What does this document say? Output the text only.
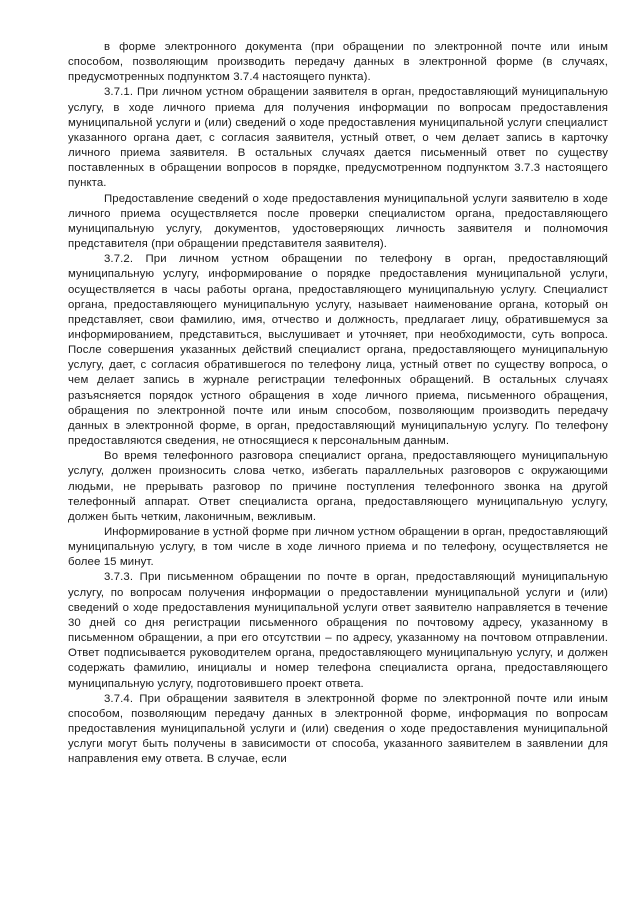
в форме электронного документа (при обращении по электронной почте или иным способом, позволяющим производить передачу данных в электронной форме (в случаях, предусмотренных подпунктом 3.7.4 настоящего пункта).

3.7.1. При личном устном обращении заявителя в орган, предоставляющий муниципальную услугу, в ходе личного приема для получения информации по вопросам предоставления муниципальной услуги и (или) сведений о ходе предоставления муниципальной услуги специалист указанного органа дает, с согласия заявителя, устный ответ, о чем делает запись в карточку личного приема заявителя. В остальных случаях дается письменный ответ по существу поставленных в обращении вопросов в порядке, предусмотренном подпунктом 3.7.3 настоящего пункта.

Предоставление сведений о ходе предоставления муниципальной услуги заявителю в ходе личного приема осуществляется после проверки специалистом органа, предоставляющего муниципальную услугу, документов, удостоверяющих личность заявителя и полномочия представителя (при обращении представителя заявителя).

3.7.2. При личном устном обращении по телефону в орган, предоставляющий муниципальную услугу, информирование о порядке предоставления муниципальной услуги, осуществляется в часы работы органа, предоставляющего муниципальную услугу. Специалист органа, предоставляющего муниципальную услугу, называет наименование органа, который он представляет, свои фамилию, имя, отчество и должность, предлагает лицу, обратившемуся за информированием, представиться, выслушивает и уточняет, при необходимости, суть вопроса. После совершения указанных действий специалист органа, предоставляющего муниципальную услугу, дает, с согласия обратившегося по телефону лица, устный ответ по существу вопроса, о чем делает запись в журнале регистрации телефонных обращений. В остальных случаях разъясняется порядок устного обращения в ходе личного приема, письменного обращения, обращения по электронной почте или иным способом, позволяющим производить передачу данных в электронной форме, в орган, предоставляющий муниципальную услугу. По телефону предоставляются сведения, не относящиеся к персональным данным.

Во время телефонного разговора специалист органа, предоставляющего муниципальную услугу, должен произносить слова четко, избегать параллельных разговоров с окружающими людьми, не прерывать разговор по причине поступления телефонного звонка на другой телефонный аппарат. Ответ специалиста органа, предоставляющего муниципальную услугу, должен быть четким, лаконичным, вежливым.

Информирование в устной форме при личном устном обращении в орган, предоставляющий муниципальную услугу, в том числе в ходе личного приема и по телефону, осуществляется не более 15 минут.

3.7.3. При письменном обращении по почте в орган, предоставляющий муниципальную услугу, по вопросам получения информации о предоставлении муниципальной услуги и (или) сведений о ходе предоставления муниципальной услуги ответ заявителю направляется в течение 30 дней со дня регистрации письменного обращения по почтовому адресу, указанному в письменном обращении, а при его отсутствии – по адресу, указанному на почтовом отправлении. Ответ подписывается руководителем органа, предоставляющего муниципальную услугу, и должен содержать фамилию, инициалы и номер телефона специалиста органа, предоставляющего муниципальную услугу, подготовившего проект ответа.

3.7.4. При обращении заявителя в электронной форме по электронной почте или иным способом, позволяющим передачу данных в электронной форме, информация по вопросам предоставления муниципальной услуги и (или) сведения о ходе предоставления муниципальной услуги могут быть получены в зависимости от способа, указанного заявителем в заявлении для направления ему ответа. В случае, если
